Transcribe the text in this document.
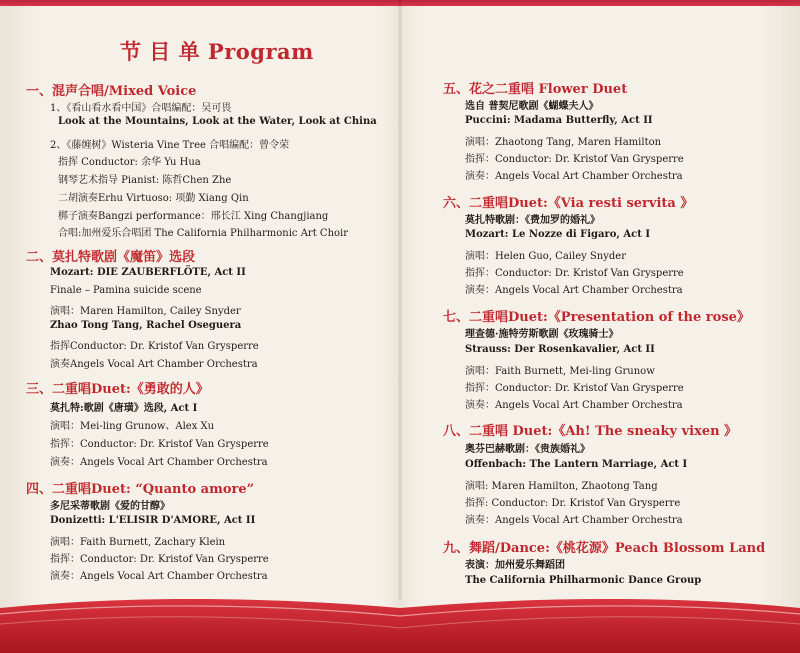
节 目 单 Program
一、混声合唱/Mixed Voice
1、《看山看水看中国》合唱编配：吴可畏
Look at the Mountains, Look at the Water, Look at China
2、《藤缠树》Wisteria Vine Tree 合唱编配：曾令荣
指挥 Conductor: 余华 Yu Hua
钢琴艺术指导 Pianist: 陈哲Chen Zhe
二胡演奏Erhu Virtuoso: 项勤 Xiang Qin
梆子演奏Bangzi performance：邢长江 Xing Changjiang
合唱:加州爱乐合唱团 The California Philharmonic Art Choir
二、莫扎特歌剧《魔笛》选段
Mozart: DIE ZAUBERFLÖTE, Act II
Finale – Pamina suicide scene
演唱：Maren Hamilton, Cailey Snyder
Zhao Tong Tang, Rachel Oseguera
指挥Conductor: Dr. Kristof Van Grysperre
演奏Angels Vocal Art Chamber Orchestra
三、二重唱Duet:《勇敢的人》
莫扎特:歌剧《唐璜》选段, Act I
演唱：Mei-ling Grunow、Alex Xu
指挥：Conductor: Dr. Kristof Van Grysperre
演奏：Angels Vocal Art Chamber Orchestra
四、二重唱Duet: “Quanto amore”
多尼采蒂歌剧《爱的甘醇》
Donizetti: L'ELISIR D'AMORE, Act II
演唱：Faith Burnett, Zachary Klein
指挥：Conductor: Dr. Kristof Van Grysperre
演奏：Angels Vocal Art Chamber Orchestra
五、花之二重唱 Flower Duet
选自 普契尼歌剧《蝴蝶夫人》
Puccini: Madama Butterfly, Act II
演唱：Zhaotong Tang, Maren Hamilton
指挥：Conductor: Dr. Kristof Van Grysperre
演奏：Angels Vocal Art Chamber Orchestra
六、二重唱Duet:《Via resti servita 》
莫扎特歌剧：《费加罗的婚礼》
Mozart: Le Nozze di Figaro, Act I
演唱：Helen Guo, Cailey Snyder
指挥：Conductor: Dr. Kristof Van Grysperre
演奏：Angels Vocal Art Chamber Orchestra
七、二重唱Duet:《Presentation of the rose》
理查德·施特劳斯歌剧《玫瑰骑士》
Strauss: Der Rosenkavalier, Act II
演唱：Faith Burnett, Mei-ling Grunow
指挥：Conductor: Dr. Kristof Van Grysperre
演奏：Angels Vocal Art Chamber Orchestra
八、二重唱 Duet:《Ah! The sneaky vixen 》
奥芬巴赫歌剧：《贵族婚礼》
Offenbach: The Lantern Marriage, Act I
演唱: Maren Hamilton, Zhaotong Tang
指挥: Conductor: Dr. Kristof Van Grysperre
演奏：Angels Vocal Art Chamber Orchestra
九、舞蹈/Dance:《桃花源》Peach Blossom Land
表演：加州爱乐舞蹈团
The California Philharmonic Dance Group
